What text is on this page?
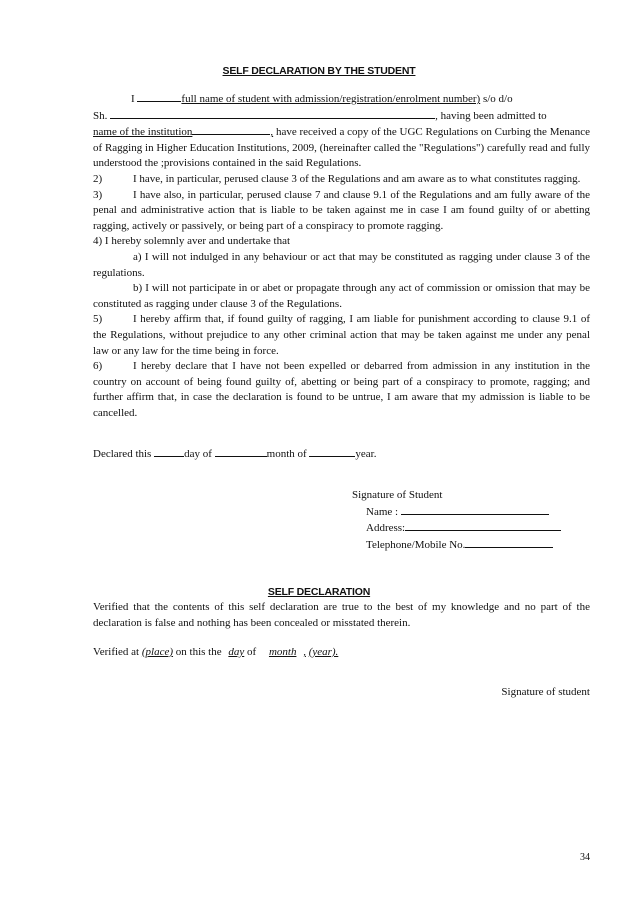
SELF DECLARATION BY THE STUDENT

I	full name of student with admission/registration/enrolment number) s/o d/o
Sh.	, having been admitted to
name of the institution	, have received a copy of the UGC Regulations on Curbing the Menance of Ragging in Higher Education Institutions, 2009, (hereinafter called the "Regulations") carefully read and fully understood the ;provisions contained in the said Regulations.

2)	I have, in particular, perused clause 3 of the Regulations and am aware as to what constitutes ragging.

3)	I have also, in particular, perused clause 7 and clause 9.1 of the Regulations and am fully aware of the penal and administrative action that is liable to be taken against me in case I am found guilty of or abetting ragging, actively or passively, or being part of a conspiracy to promote ragging.

4) I hereby solemnly aver and undertake that

a) I will not indulged in any behaviour or act that may be constituted as ragging under clause 3 of the regulations.

b) I will not participate in or abet or propagate through any act of commission or omission that may be constituted as ragging under clause 3 of the Regulations.

5)	I hereby affirm that, if found guilty of ragging, I am liable for punishment according to clause 9.1 of the Regulations, without prejudice to any other criminal action that may be taken against me under any penal law or any law for the time being in force.

6)	I hereby declare that I have not been expelled or debarred from admission in any institution in the country on account of being found guilty of, abetting or being part of a conspiracy to promote, ragging; and further affirm that, in case the declaration is found to be untrue, I am aware that my admission is liable to be cancelled.

Declared this	day of	month of	year.
Signature of Student
Name :
Address:
Telephone/Mobile No.
SELF DECLARATION

Verified that the contents of this self declaration are true to the best of my knowledge and no part of the declaration is false and nothing has been concealed or misstated therein.

Verified at (place) on this the day of month , (year).
Signature of student
34
